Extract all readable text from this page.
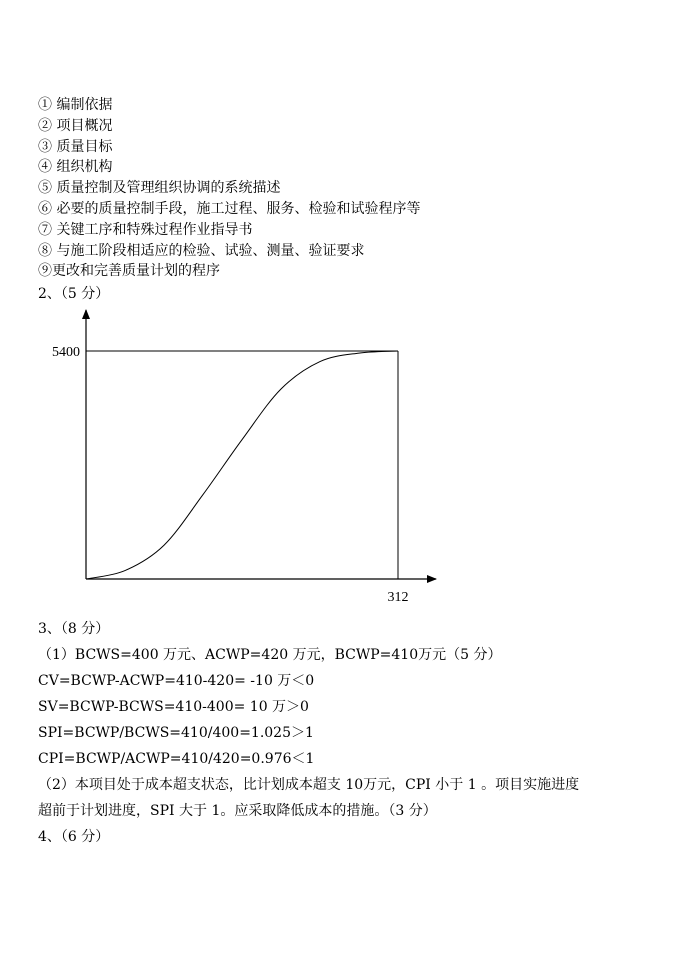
① 编制依据
② 项目概况
③ 质量目标
④ 组织机构
⑤ 质量控制及管理组织协调的系统描述
⑥ 必要的质量控制手段，施工过程、服务、检验和试验程序等
⑦ 关键工序和特殊过程作业指导书
⑧ 与施工阶段相适应的检验、试验、测量、验证要求
⑨更改和完善质量计划的程序
2、（5 分）
5400
312
3、（8 分）
（1）BCWS=400 万元、ACWP=420 万元，BCWP=410万元（5 分）
CV=BCWP-ACWP=410-420= -10 万＜0
SV=BCWP-BCWS=410-400= 10 万＞0
SPI=BCWP/BCWS=410/400=1.025＞1
CPI=BCWP/ACWP=410/420=0.976＜1
（2）本项目处于成本超支状态，比计划成本超支 10万元，CPI 小于 1 。项目实施进度
超前于计划进度，SPI 大于 1。应采取降低成本的措施。（3 分）
4、（6 分）
